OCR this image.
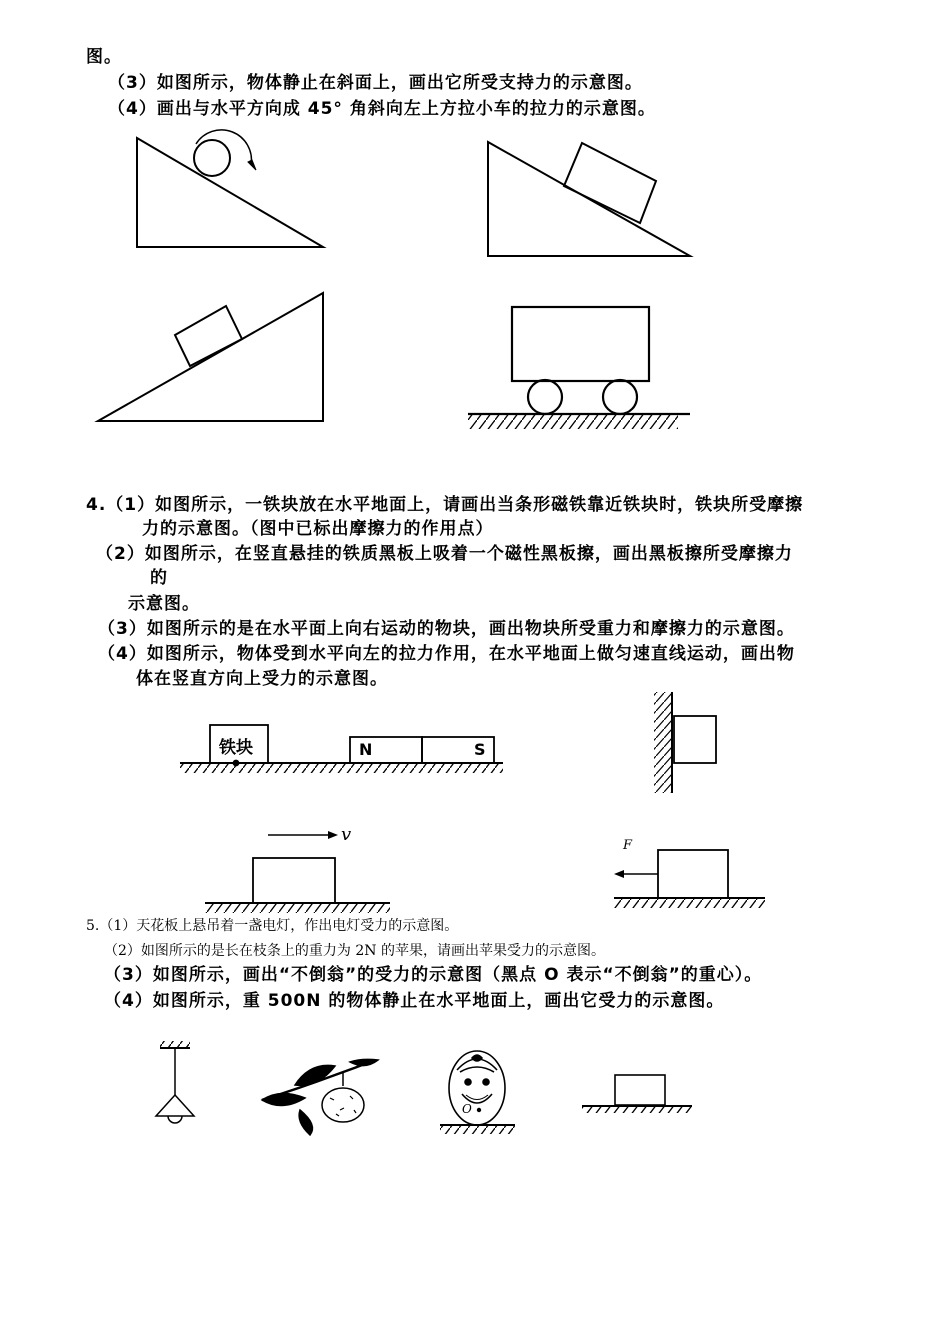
图。
（3）如图所示，物体静止在斜面上，画出它所受支持力的示意图。
（4）画出与水平方向成 45° 角斜向左上方拉小车的拉力的示意图。
4.（1）如图所示，一铁块放在水平地面上，请画出当条形磁铁靠近铁块时，铁块所受摩擦
力的示意图。（图中已标出摩擦力的作用点）
（2）如图所示，在竖直悬挂的铁质黑板上吸着一个磁性黑板擦，画出黑板擦所受摩擦力
的
示意图。
（3）如图所示的是在水平面上向右运动的物块，画出物块所受重力和摩擦力的示意图。
（4）如图所示，物体受到水平向左的拉力作用，在水平地面上做匀速直线运动，画出物
体在竖直方向上受力的示意图。
5.（1）天花板上悬吊着一盏电灯，作出电灯受力的示意图。
（2）如图所示的是长在枝条上的重力为 2N 的苹果，请画出苹果受力的示意图。
（3）如图所示，画出“不倒翁”的受力的示意图（黑点 O 表示“不倒翁”的重心）。
（4）如图所示，重 500N 的物体静止在水平地面上，画出它受力的示意图。
铁块	N	S
v
F
O
